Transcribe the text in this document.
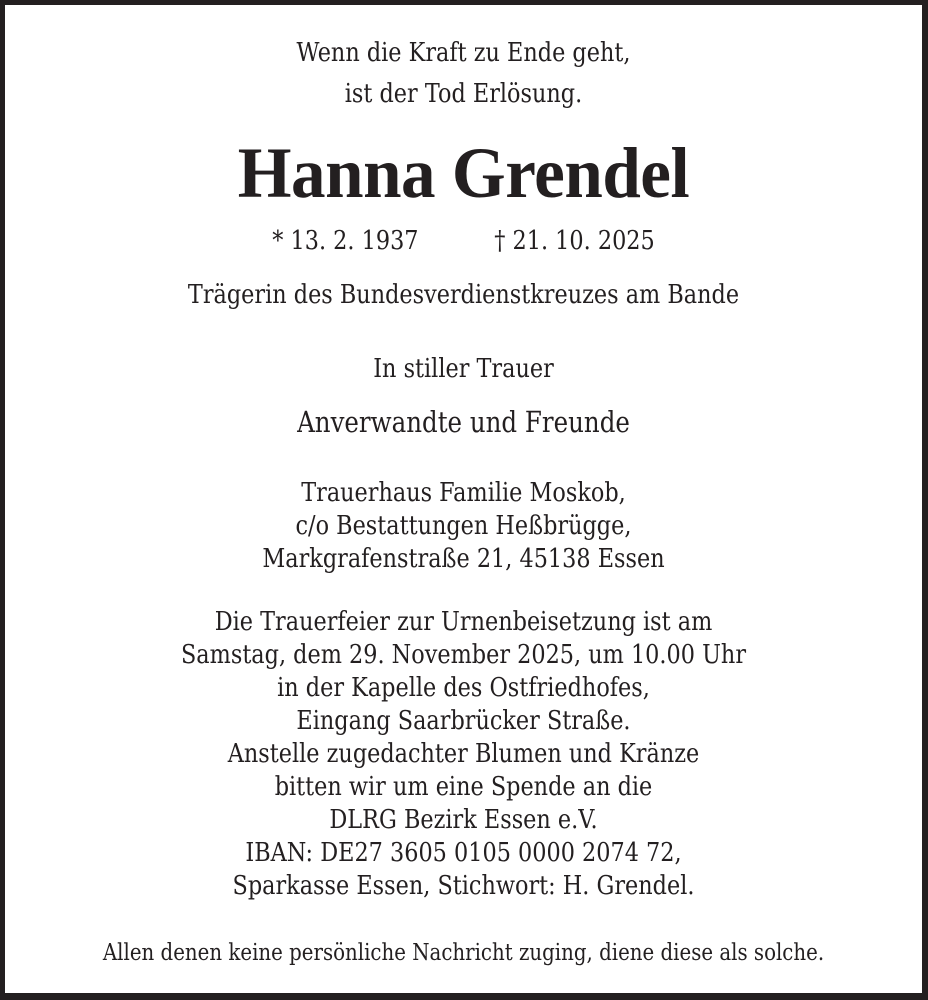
Wenn die Kraft zu Ende geht,
ist der Tod Erlösung.
Hanna Grendel
* 13. 2. 1937	† 21. 10. 2025
Trägerin des Bundesverdienstkreuzes am Bande
In stiller Trauer
Anverwandte und Freunde
Trauerhaus Familie Moskob,
c/o Bestattungen Heßbrügge,
Markgrafenstraße 21, 45138 Essen
Die Trauerfeier zur Urnenbeisetzung ist am
Samstag, dem 29. November 2025, um 10.00 Uhr
in der Kapelle des Ostfriedhofes,
Eingang Saarbrücker Straße.
Anstelle zugedachter Blumen und Kränze
bitten wir um eine Spende an die
DLRG Bezirk Essen e.V.
IBAN: DE27 3605 0105 0000 2074 72,
Sparkasse Essen, Stichwort: H. Grendel.
Allen denen keine persönliche Nachricht zuging, diene diese als solche.
